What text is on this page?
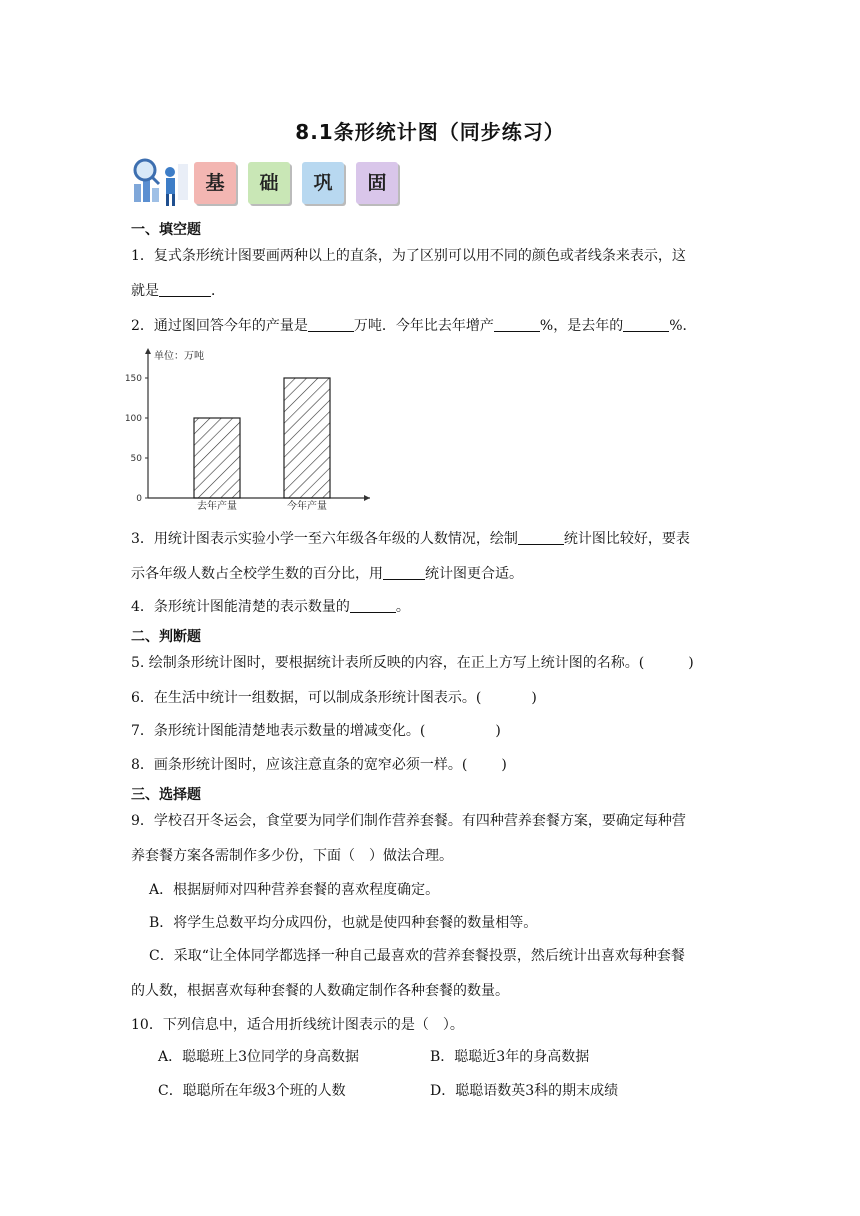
8.1条形统计图（同步练习）
基	础	巩	固
一、填空题
1．复式条形统计图要画两种以上的直条，为了区别可以用不同的颜色或者线条来表示，这
就是	．
2．通过图回答今年的产量是	万吨．今年比去年增产	%，是去年的	%．
单位：万吨
0
50
100
150
去年产量	今年产量
3．用统计图表示实验小学一至六年级各年级的人数情况，绘制	统计图比较好，要表
示各年级人数占全校学生数的百分比，用	统计图更合适。
4．条形统计图能清楚的表示数量的	。
二、判断题
5. 绘制条形统计图时，要根据统计表所反映的内容，在正上方写上统计图的名称。(	)
6．在生活中统计一组数据，可以制成条形统计图表示。(	)
7．条形统计图能清楚地表示数量的增减变化。(	)
8．画条形统计图时，应该注意直条的宽窄必须一样。( )
三、选择题
9．学校召开冬运会，食堂要为同学们制作营养套餐。有四种营养套餐方案，要确定每种营
养套餐方案各需制作多少份，下面（　）做法合理。
A．根据厨师对四种营养套餐的喜欢程度确定。
B．将学生总数平均分成四份，也就是使四种套餐的数量相等。
C．采取“让全体同学都选择一种自己最喜欢的营养套餐投票，然后统计出喜欢每种套餐
的人数，根据喜欢每种套餐的人数确定制作各种套餐的数量。
10．下列信息中，适合用折线统计图表示的是（　）。
A．聪聪班上3位同学的身高数据	B．聪聪近3年的身高数据
C．聪聪所在年级3个班的人数	D．聪聪语数英3科的期末成绩
